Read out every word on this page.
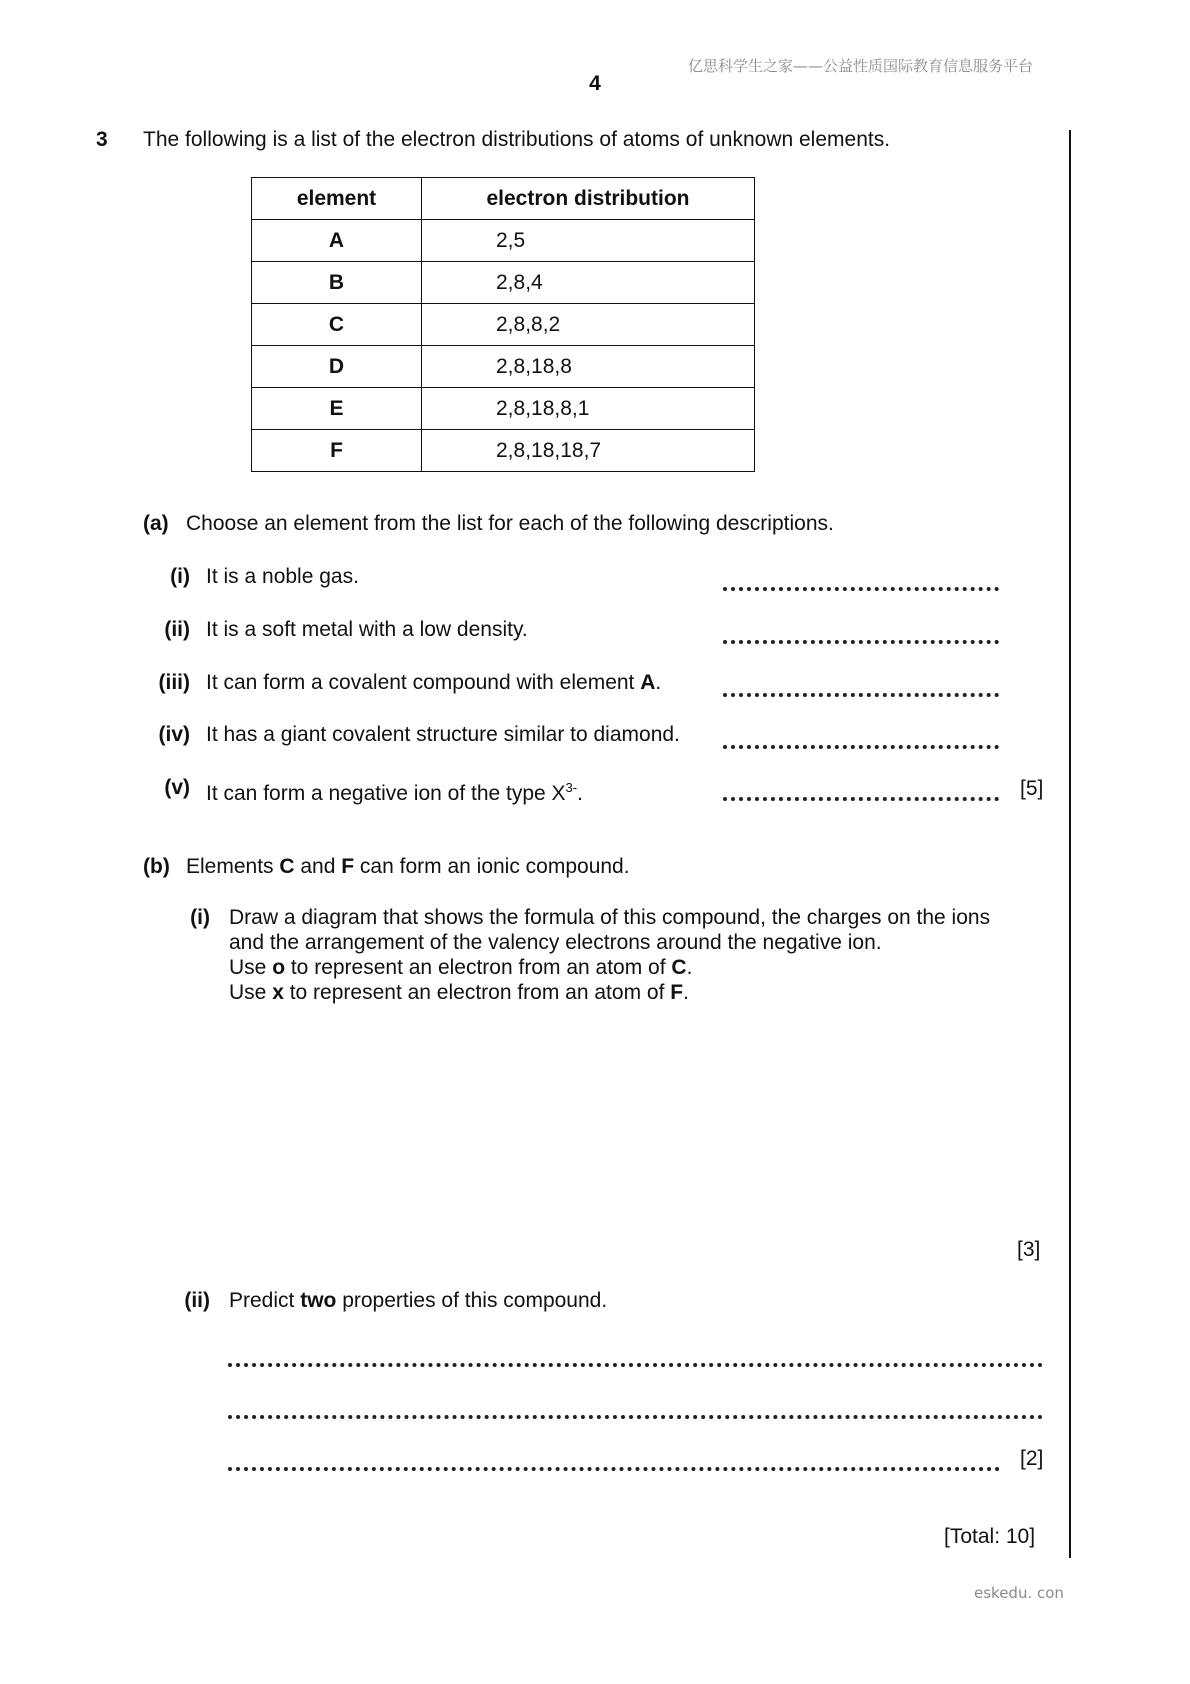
亿思科学生之家——公益性质国际教育信息服务平台
4
3	The following is a list of the electron distributions of atoms of unknown elements.
element	electron distribution
A	2,5
B	2,8,4
C	2,8,8,2
D	2,8,18,8
E	2,8,18,8,1
F	2,8,18,18,7
(a) Choose an element from the list for each of the following descriptions.
(i) It is a noble gas.
(ii) It is a soft metal with a low density.
(iii) It can form a covalent compound with element A.
(iv) It has a giant covalent structure similar to diamond.
(v) It can form a negative ion of the type $X^{3-}$.	[5]
(b) Elements C and F can form an ionic compound.
(i) Draw a diagram that shows the formula of this compound, the charges on the ions
and the arrangement of the valency electrons around the negative ion.
Use o to represent an electron from an atom of C.
Use x to represent an electron from an atom of F.
[3]
(ii) Predict two properties of this compound.
[2]
[Total: 10]
eskedu. con
